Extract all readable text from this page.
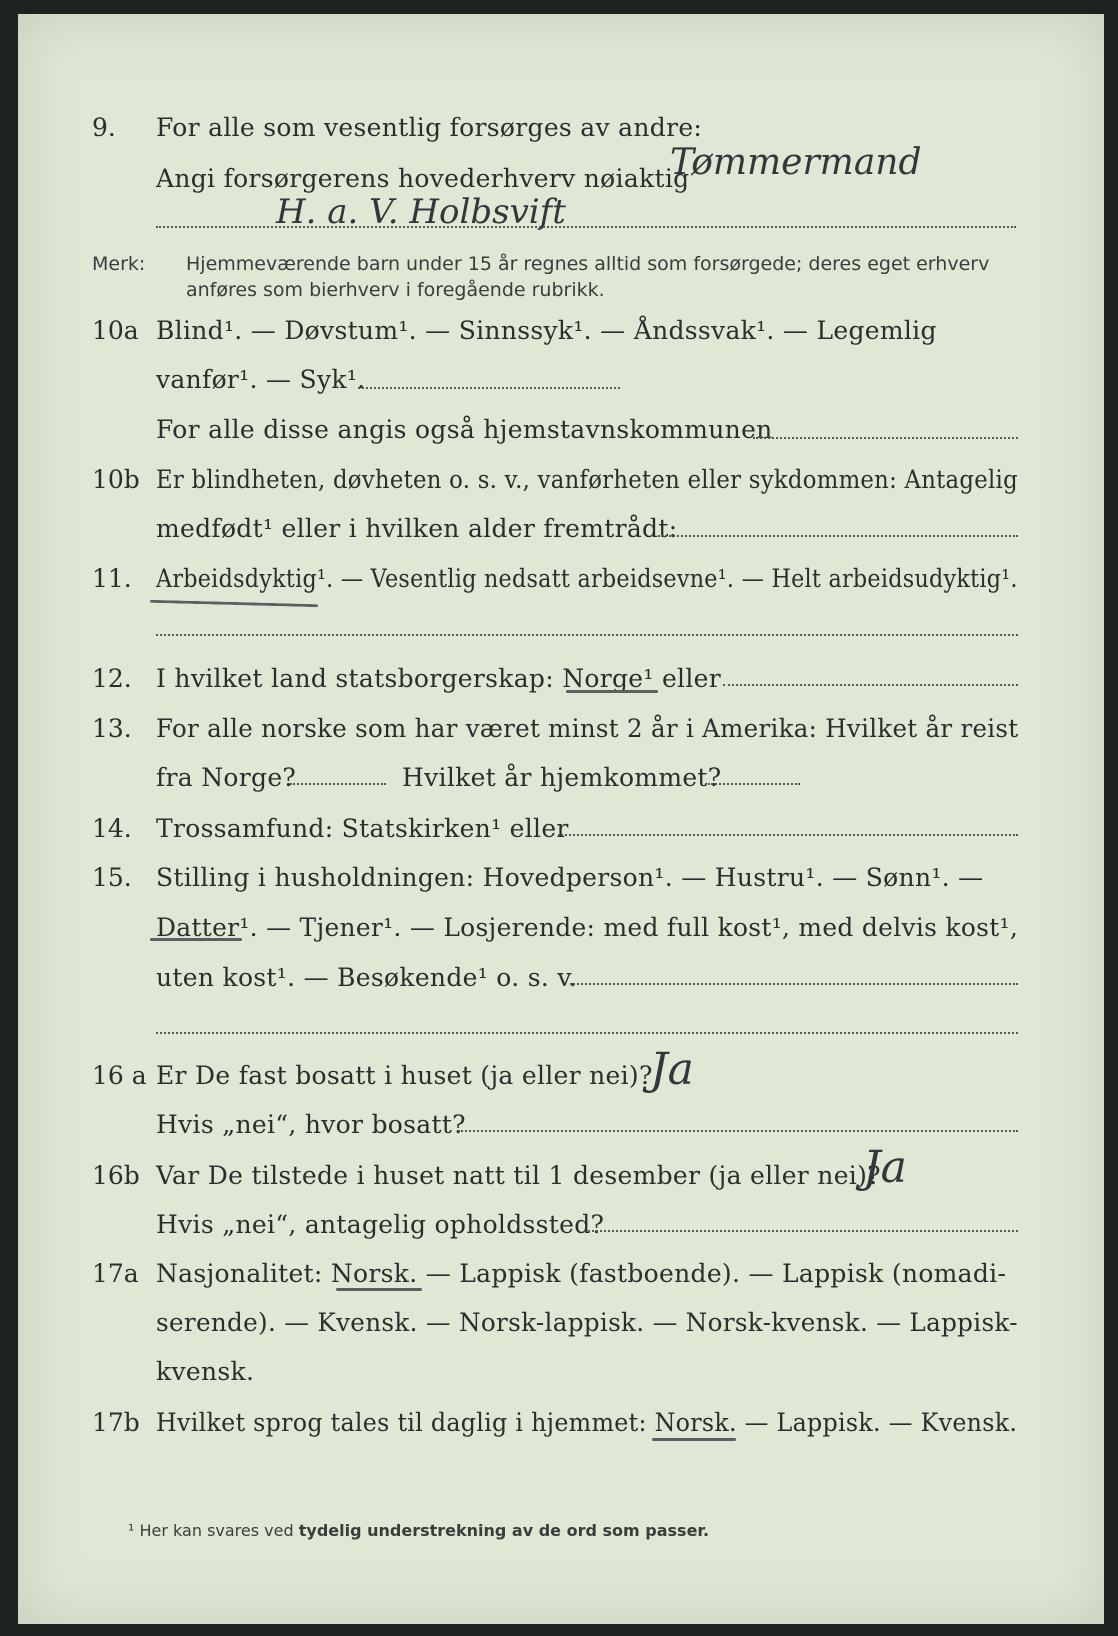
9. For alle som vesentlig forsørges av andre:
Angi forsørgerens hovederhverv nøiaktig
Tømmermand
H. a. V. Holbsvift
Merk: Hjemmeværende barn under 15 år regnes alltid som forsørgede; deres eget erhverv
anføres som bierhverv i foregående rubrikk.
10a Blind¹. — Døvstum¹. — Sinnssyk¹. — Åndssvak¹. — Legemlig
vanfør¹. — Syk¹.
For alle disse angis også hjemstavnskommunen
10b Er blindheten, døvheten o. s. v., vanførheten eller sykdommen: Antagelig
medfødt¹ eller i hvilken alder fremtrådt:
11. Arbeidsdyktig¹. — Vesentlig nedsatt arbeidsevne¹. — Helt arbeidsudyktig¹.
12. I hvilket land statsborgerskap: Norge¹ eller
13. For alle norske som har været minst 2 år i Amerika: Hvilket år reist
fra Norge?	Hvilket år hjemkommet?
14. Trossamfund: Statskirken¹ eller
15. Stilling i husholdningen: Hovedperson¹. — Hustru¹. — Sønn¹. —
Datter¹. — Tjener¹. — Losjerende: med full kost¹, med delvis kost¹,
uten kost¹. — Besøkende¹ o. s. v.
16 a Er De fast bosatt i huset (ja eller nei)?
Ja
Hvis „nei“, hvor bosatt?
16b Var De tilstede i huset natt til 1 desember (ja eller nei)?
Ja
Hvis „nei“, antagelig opholdssted?
17a Nasjonalitet: Norsk. — Lappisk (fastboende). — Lappisk (nomadi-
serende). — Kvensk. — Norsk-lappisk. — Norsk-kvensk. — Lappisk-
kvensk.
17b Hvilket sprog tales til daglig i hjemmet: Norsk. — Lappisk. — Kvensk.
¹ Her kan svares ved tydelig understrekning av de ord som passer.
